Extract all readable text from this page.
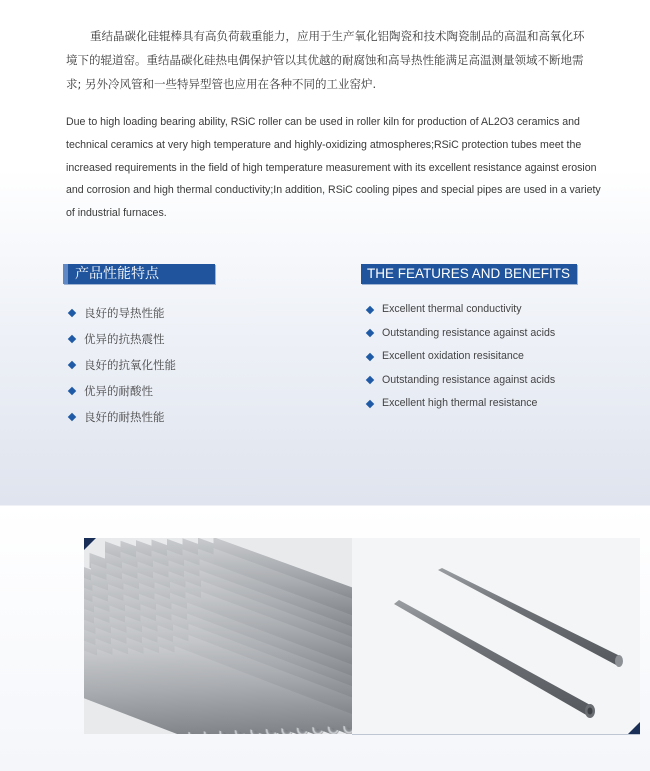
重结晶碳化硅辊棒具有高负荷载重能力，应用于生产氧化铝陶瓷和技术陶瓷制品的高温和高氧化环境下的辊道窑。重结晶碳化硅热电偶保护管以其优越的耐腐蚀和高导热性能满足高温测量领域不断地需求; 另外冷风管和一些特异型管也应用在各种不同的工业窑炉.

Due to high loading bearing ability, RSiC roller can be used in roller kiln for production of AL2O3 ceramics and technical ceramics at very high temperature and highly-oxidizing atmospheres;RSiC protection tubes meet the increased requirements in the field of high temperature measurement with its excellent resistance against erosion and corrosion and high thermal conductivity;In addition, RSiC cooling pipes and special pipes are used in a variety of industrial furnaces.

产品性能特点	THE FEATURES AND BENEFITS
良好的导热性能
优异的抗热震性
良好的抗氧化性能
优异的耐酸性
良好的耐热性能
Excellent thermal conductivity
Outstanding resistance against acids
Excellent oxidation resisitance
Outstanding resistance against acids
Excellent high thermal resistance
